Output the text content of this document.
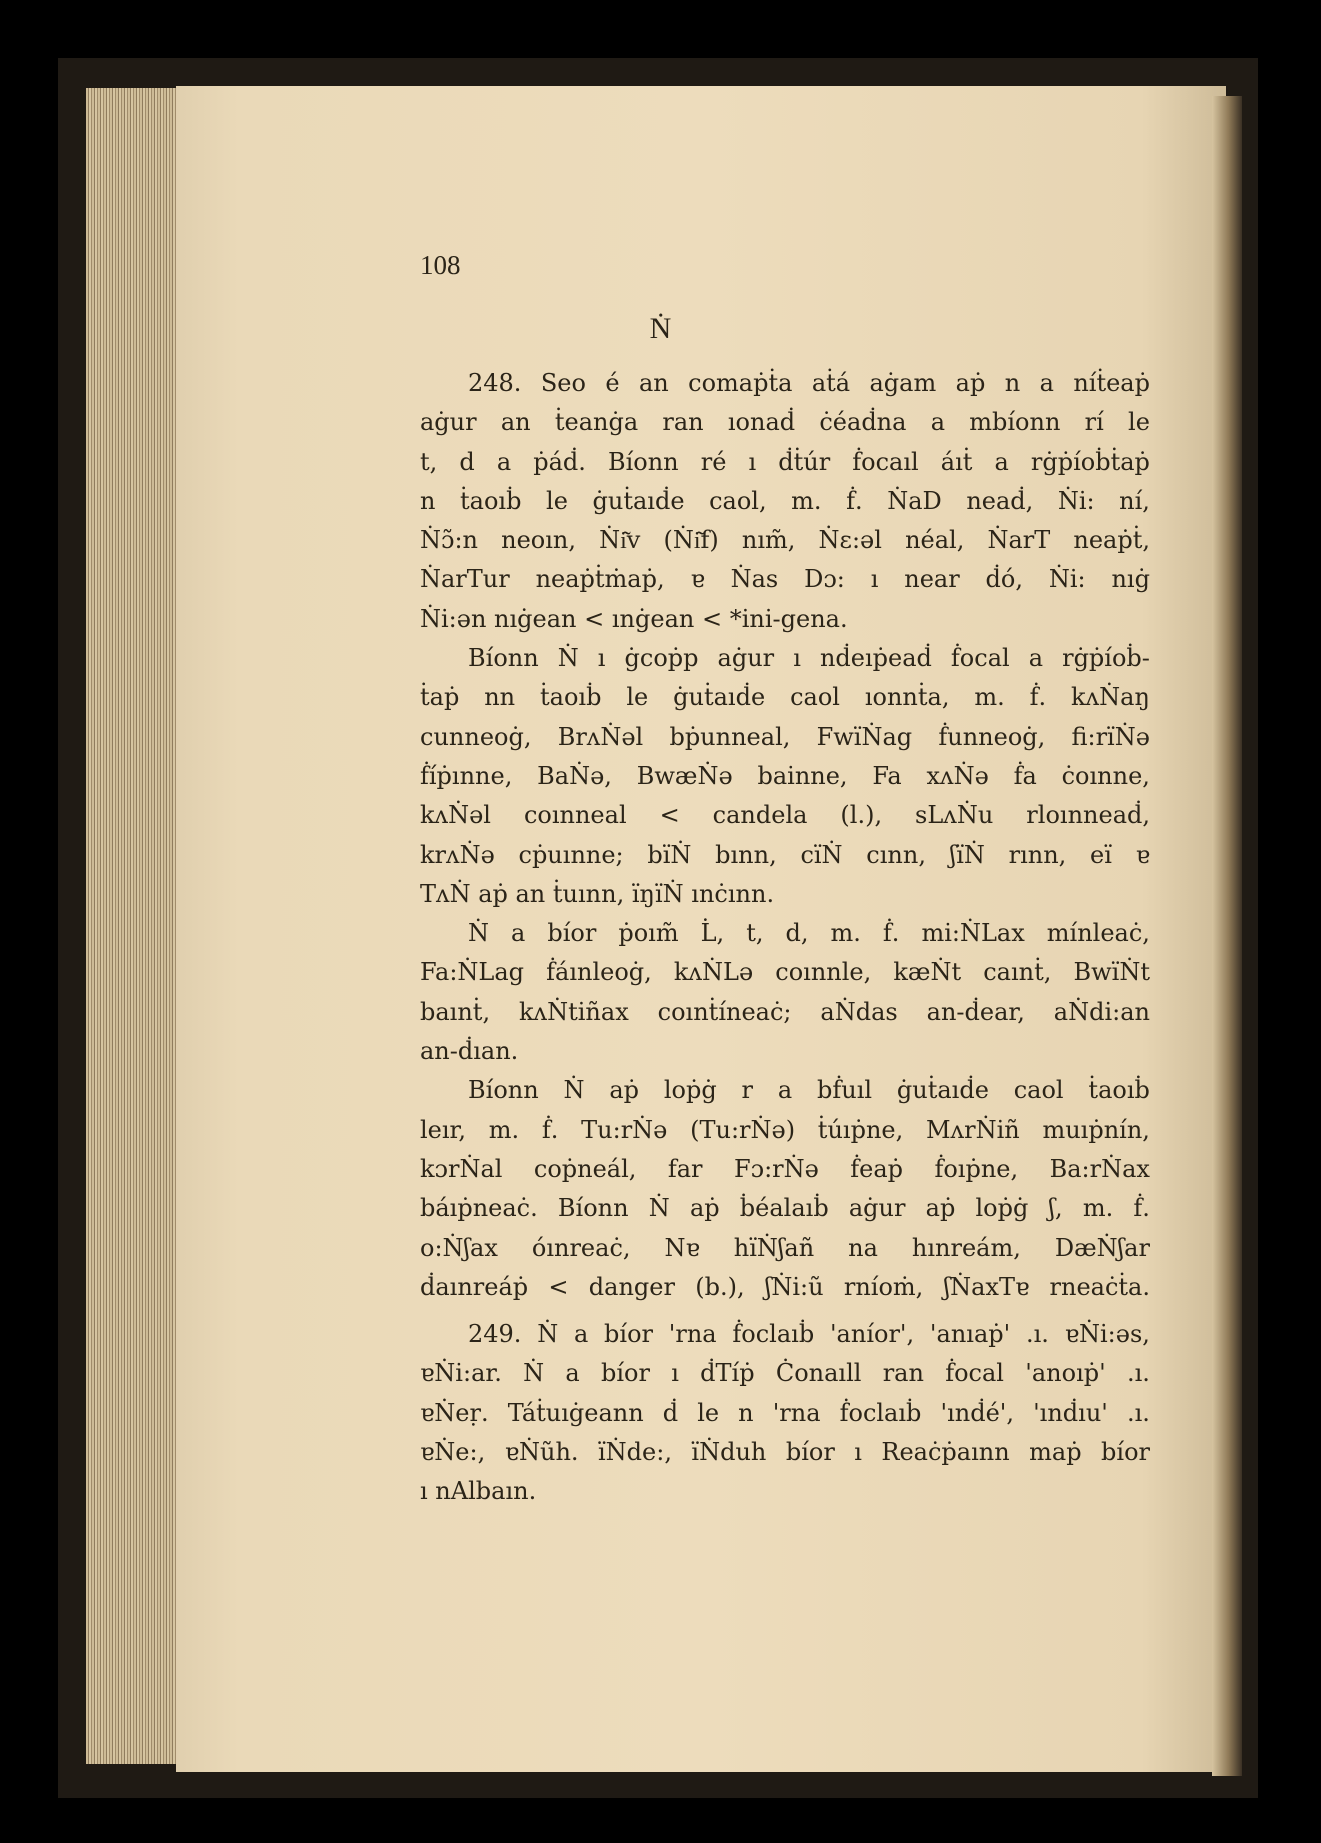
108
Ṅ
248. Seo é an comaṗṫa aṫá aġam aṗ n a níṫeaṗ
aġur an ṫeanġa ran ıonaḋ ċéaḋna a mbíonn rí le
t, d a ṗáḋ. Bíonn ré ı ḋṫúr ḟocaıl áıṫ a rġṗíoḃṫaṗ
n ṫaoıḃ le ġuṫaıḋe caol, m. ḟ. ṄaD neaḋ, Ṅi: ní,
Ṅɔ̃:n neoın, Ṅi͂v (Ṅi͂f) nım̃, Ṅɛ:əl néal, ṄarT neaṗṫ,
ṄarTur neaṗṫṁaṗ, ɐ Ṅas Dɔ: ı near ḋó, Ṅi: nıġ
Ṅi:ən nıġean < ınġean < *ini-gena.
Bíonn Ṅ ı ġcoṗp aġur ı nḋeıṗeaḋ ḟocal a rġṗíoḃ-
ṫaṗ nn ṫaoıḃ le ġuṫaıḋe caol ıonnṫa, m. ḟ. kʌṄaŋ
cunneoġ, BrʌṄəl bṗunneal, FwïṄag ḟunneoġ, fi:rïṄə
ḟíṗınne, BaṄə, BwæṄə bainne, Fa xʌṄə ḟa ċoınne,
kʌṄəl coınneal < candela (l.), sLʌṄu rloınneaḋ,
krʌṄə cṗuınne; bïṄ bınn, cïṄ cınn, ʃïṄ rınn, eï ɐ
TʌṄ aṗ an ṫuınn, ïŋïṄ ınċınn.
Ṅ a bíor ṗoım̃ L̇, t, d, m. ḟ. mi:ṄLax mínleaċ,
Fa:ṄLag ḟáınleoġ, kʌṄLə coınnle, kæṄt caınṫ, BwïṄt
baınṫ, kʌṄtiñax coınṫíneaċ; aṄdas an-ḋear, aṄdi:an
an-ḋıan.
Bíonn Ṅ aṗ loṗġ r a bḟuıl ġuṫaıḋe caol ṫaoıḃ
leır, m. ḟ. Tu:rṄə (Tu:rṄə) ṫúıṗne, MʌrṄiñ muıṗnín,
kɔrṄal coṗneál, far Fɔ:rṄə ḟeaṗ ḟoıṗne, Ba:rṄax
báıṗneaċ. Bíonn Ṅ aṗ ḃéalaıḃ aġur aṗ loṗġ ʃ, m. ḟ.
o:Ṅʃax óınreaċ, Nɐ hïṄʃañ na hınreám, DæṄʃar
ḋaınreáṗ < danger (b.), ʃṄi:ũ rníoṁ, ʃṄaxTɐ rneaċṫa.
249. Ṅ a bíor 'rna ḟoclaıḃ 'aníor', 'anıaṗ' .ı. ɐṄi:əs,
ɐṄi:ar. Ṅ a bíor ı ḋTíṗ Ċonaıll ran ḟocal 'anoıṗ' .ı.
ɐṄeṛ. Táṫuıġeann ḋ le n 'rna ḟoclaıḃ 'ınḋé', 'ınḋıu' .ı.
ɐṄe:, ɐṄũh. ïṄde:, ïṄduh bíor ı Reaċṗaınn maṗ bíor
ı nAlbaın.
